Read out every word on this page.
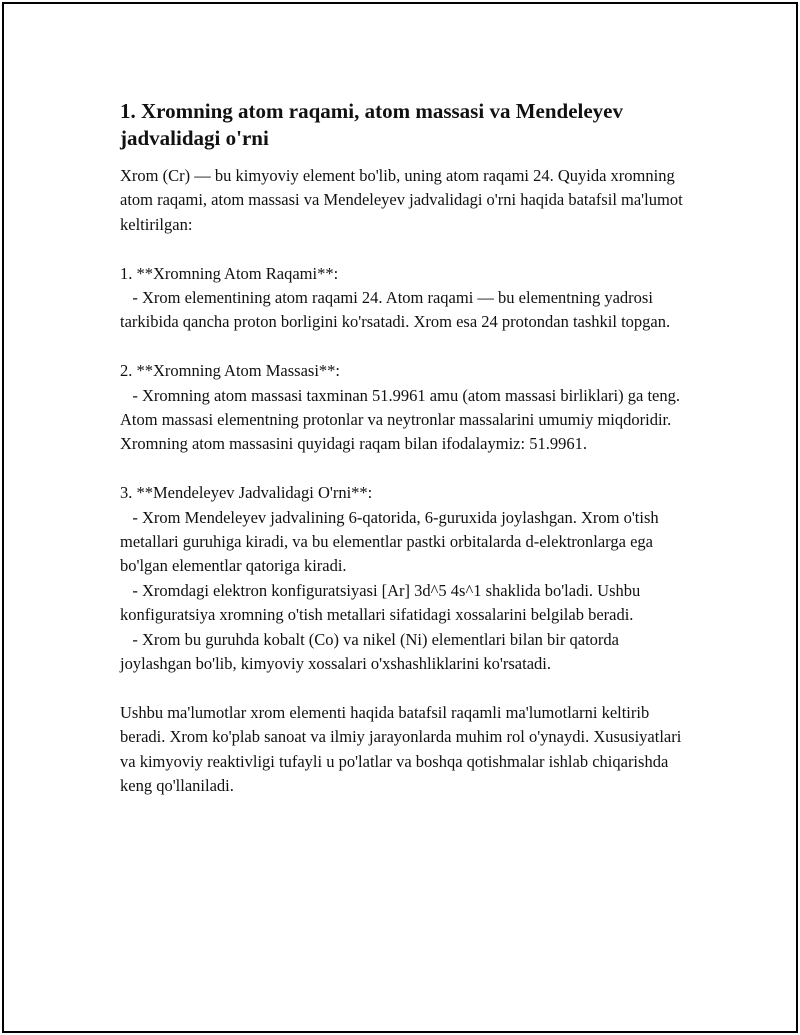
1. Xromning atom raqami, atom massasi va Mendeleyev jadvalidagi o'rni

Xrom (Cr) — bu kimyoviy element bo'lib, uning atom raqami 24. Quyida xromning atom raqami, atom massasi va Mendeleyev jadvalidagi o'rni haqida batafsil ma'lumot keltirilgan:

1. **Xromning Atom Raqami**:

- Xrom elementining atom raqami 24. Atom raqami — bu elementning yadrosi tarkibida qancha proton borligini ko'rsatadi. Xrom esa 24 protondan tashkil topgan.

2. **Xromning Atom Massasi**:

- Xromning atom massasi taxminan 51.9961 amu (atom massasi birliklari) ga teng. Atom massasi elementning protonlar va neytronlar massalarini umumiy miqdoridir. Xromning atom massasini quyidagi raqam bilan ifodalaymiz: 51.9961.

3. **Mendeleyev Jadvalidagi O'rni**:

- Xrom Mendeleyev jadvalining 6-qatorida, 6-guruxida joylashgan. Xrom o'tish metallari guruhiga kiradi, va bu elementlar pastki orbitalarda d-elektronlarga ega bo'lgan elementlar qatoriga kiradi.

- Xromdagi elektron konfiguratsiyasi [Ar] 3d^5 4s^1 shaklida bo'ladi. Ushbu konfiguratsiya xromning o'tish metallari sifatidagi xossalarini belgilab beradi.

- Xrom bu guruhda kobalt (Co) va nikel (Ni) elementlari bilan bir qatorda joylashgan bo'lib, kimyoviy xossalari o'xshashliklarini ko'rsatadi.

Ushbu ma'lumotlar xrom elementi haqida batafsil raqamli ma'lumotlarni keltirib beradi. Xrom ko'plab sanoat va ilmiy jarayonlarda muhim rol o'ynaydi. Xususiyatlari va kimyoviy reaktivligi tufayli u po'latlar va boshqa qotishmalar ishlab chiqarishda keng qo'llaniladi.
